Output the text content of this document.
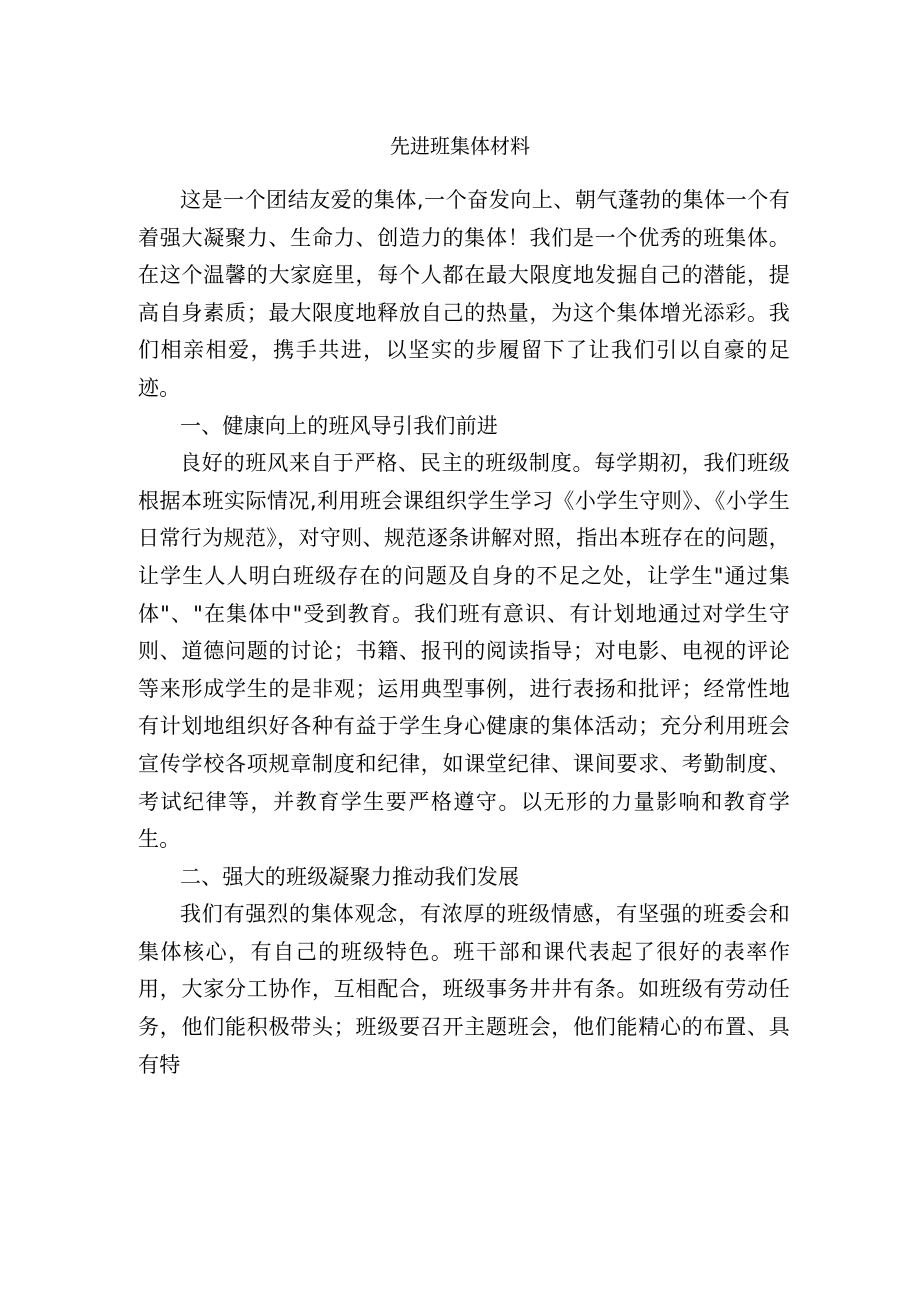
先进班集体材料

这是一个团结友爱的集体,一个奋发向上、朝气蓬勃的集体一个有着强大凝聚力、生命力、创造力的集体！我们是一个优秀的班集体。在这个温馨的大家庭里，每个人都在最大限度地发掘自己的潜能，提高自身素质；最大限度地释放自己的热量，为这个集体增光添彩。我们相亲相爱，携手共进，以坚实的步履留下了让我们引以自豪的足迹。

一、健康向上的班风导引我们前进

良好的班风来自于严格、民主的班级制度。每学期初，我们班级根据本班实际情况,利用班会课组织学生学习《小学生守则》、《小学生日常行为规范》，对守则、规范逐条讲解对照，指出本班存在的问题，让学生人人明白班级存在的问题及自身的不足之处，让学生"通过集体"、"在集体中"受到教育。我们班有意识、有计划地通过对学生守则、道德问题的讨论；书籍、报刊的阅读指导；对电影、电视的评论等来形成学生的是非观；运用典型事例，进行表扬和批评；经常性地有计划地组织好各种有益于学生身心健康的集体活动；充分利用班会宣传学校各项规章制度和纪律，如课堂纪律、课间要求、考勤制度、考试纪律等，并教育学生要严格遵守。以无形的力量影响和教育学生。

二、强大的班级凝聚力推动我们发展

我们有强烈的集体观念，有浓厚的班级情感，有坚强的班委会和集体核心，有自己的班级特色。班干部和课代表起了很好的表率作用，大家分工协作，互相配合，班级事务井井有条。如班级有劳动任务，他们能积极带头；班级要召开主题班会，他们能精心的布置、具有特
